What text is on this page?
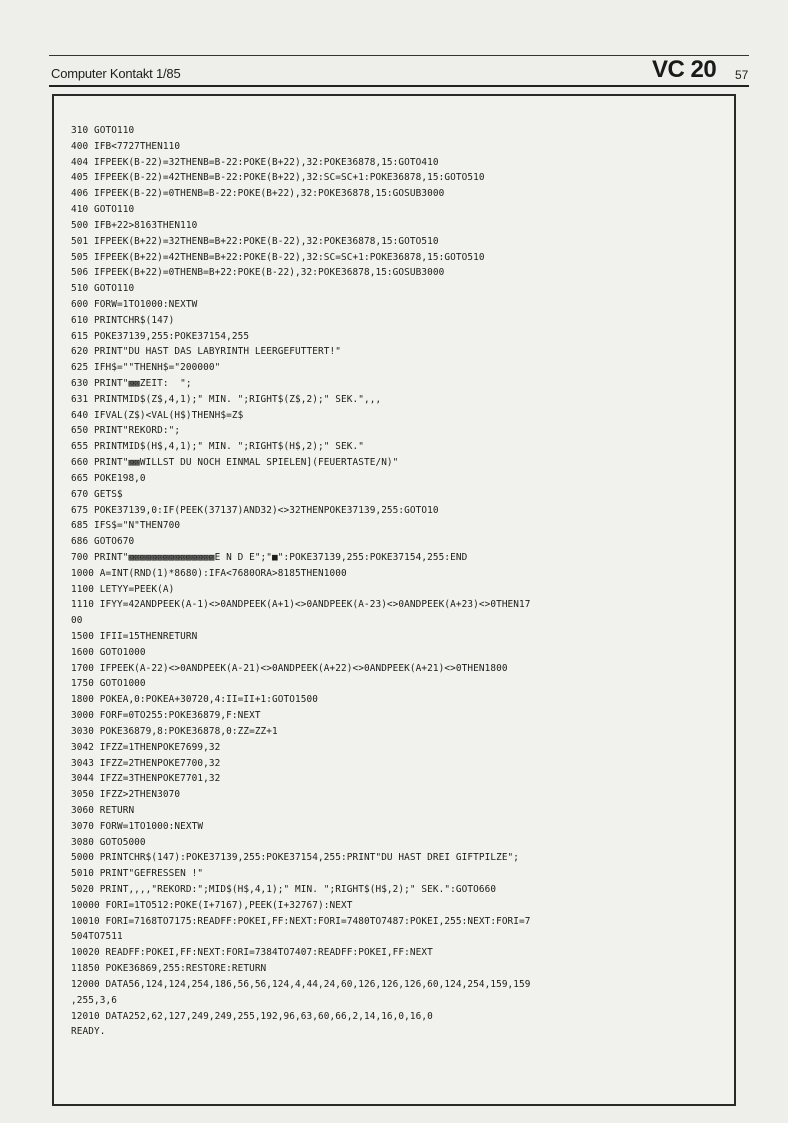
Computer Kontakt 1/85	VC 20 57
310 GOTO110
400 IFB<7727THEN110
404 IFPEEK(B-22)=32THENB=B-22:POKE(B+22),32:POKE36878,15:GOTO410
405 IFPEEK(B-22)=42THENB=B-22:POKE(B+22),32:SC=SC+1:POKE36878,15:GOTO510
406 IFPEEK(B-22)=0THENB=B-22:POKE(B+22),32:POKE36878,15:GOSUB3000
410 GOTO110
500 IFB+22>8163THEN110
501 IFPEEK(B+22)=32THENB=B+22:POKE(B-22),32:POKE36878,15:GOTO510
505 IFPEEK(B+22)=42THENB=B+22:POKE(B-22),32:SC=SC+1:POKE36878,15:GOTO510
506 IFPEEK(B+22)=0THENB=B+22:POKE(B-22),32:POKE36878,15:GOSUB3000
510 GOTO110
600 FORW=1TO1000:NEXTW
610 PRINTCHR$(147)
615 POKE37139,255:POKE37154,255
620 PRINT"DU HAST DAS LABYRINTH LEERGEFUTTERT!"
625 IFH$=""THENH$="200000"
630 PRINT"▩▩ZEIT:  ";
631 PRINTMID$(Z$,4,1);" MIN. ";RIGHT$(Z$,2);" SEK.",,,
640 IFVAL(Z$)<VAL(H$)THENH$=Z$
650 PRINT"REKORD:";
655 PRINTMID$(H$,4,1);" MIN. ";RIGHT$(H$,2);" SEK."
660 PRINT"▩▩WILLST DU NOCH EINMAL SPIELEN](FEUERTASTE/N)"
665 POKE198,0
670 GETS$
675 POKE37139,0:IF(PEEK(37137)AND32)<>32THENPOKE37139,255:GOTO10
685 IFS$="N"THEN700
686 GOTO670
700 PRINT"▩▩▩▩▩▩▩▩▩▩▩▩▩▩▩E N D E";"■":POKE37139,255:POKE37154,255:END
1000 A=INT(RND(1)*8680):IFA<7680ORA>8185THEN1000
1100 LETYY=PEEK(A)
1110 IFYY=42ANDPEEK(A-1)<>0ANDPEEK(A+1)<>0ANDPEEK(A-23)<>0ANDPEEK(A+23)<>0THEN17
00
1500 IFII=15THENRETURN
1600 GOTO1000
1700 IFPEEK(A-22)<>0ANDPEEK(A-21)<>0ANDPEEK(A+22)<>0ANDPEEK(A+21)<>0THEN1800
1750 GOTO1000
1800 POKEA,0:POKEA+30720,4:II=II+1:GOTO1500
3000 FORF=0TO255:POKE36879,F:NEXT
3030 POKE36879,8:POKE36878,0:ZZ=ZZ+1
3042 IFZZ=1THENPOKE7699,32
3043 IFZZ=2THENPOKE7700,32
3044 IFZZ=3THENPOKE7701,32
3050 IFZZ>2THEN3070
3060 RETURN
3070 FORW=1TO1000:NEXTW
3080 GOTO5000
5000 PRINTCHR$(147):POKE37139,255:POKE37154,255:PRINT"DU HAST DREI GIFTPILZE";
5010 PRINT"GEFRESSEN !"
5020 PRINT,,,,"REKORD:";MID$(H$,4,1);" MIN. ";RIGHT$(H$,2);" SEK.":GOTO660
10000 FORI=1TO512:POKE(I+7167),PEEK(I+32767):NEXT
10010 FORI=7168TO7175:READFF:POKEI,FF:NEXT:FORI=7480TO7487:POKEI,255:NEXT:FORI=7
504TO7511
10020 READFF:POKEI,FF:NEXT:FORI=7384TO7407:READFF:POKEI,FF:NEXT
11850 POKE36869,255:RESTORE:RETURN
12000 DATA56,124,124,254,186,56,56,124,4,44,24,60,126,126,126,60,124,254,159,159
,255,3,6
12010 DATA252,62,127,249,249,255,192,96,63,60,66,2,14,16,0,16,0
READY.
